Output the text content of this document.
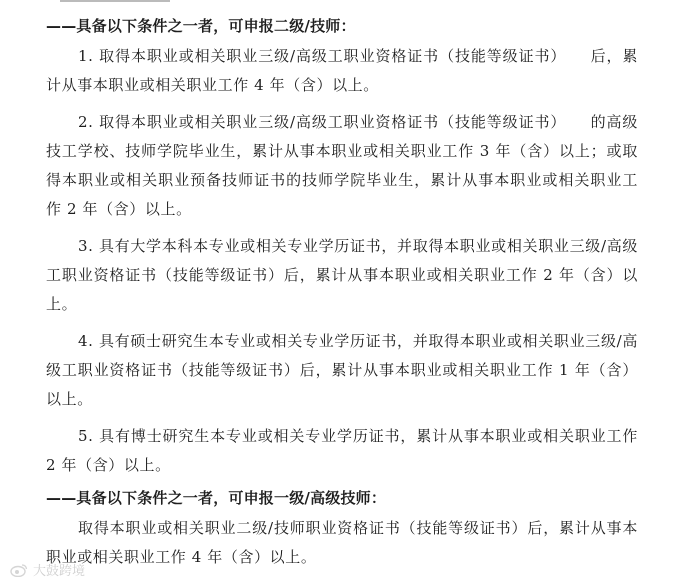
——具备以下条件之一者，可申报二级/技师：

1. 取得本职业或相关职业三级/高级工职业资格证书（技能等级证书）　　后，累计从事本职业或相关职业工作 4 年（含）以上。

2. 取得本职业或相关职业三级/高级工职业资格证书（技能等级证书）　　的高级技工学校、技师学院毕业生，累计从事本职业或相关职业工作 3 年（含）以上；或取得本职业或相关职业预备技师证书的技师学院毕业生，累计从事本职业或相关职业工作 2 年（含）以上。

3. 具有大学本科本专业或相关专业学历证书，并取得本职业或相关职业三级/高级工职业资格证书（技能等级证书）后，累计从事本职业或相关职业工作 2 年（含）以上。

4. 具有硕士研究生本专业或相关专业学历证书，并取得本职业或相关职业三级/高级工职业资格证书（技能等级证书）后，累计从事本职业或相关职业工作 1 年（含）以上。

5. 具有博士研究生本专业或相关专业学历证书，累计从事本职业或相关职业工作 2 年（含）以上。

——具备以下条件之一者，可申报一级/高级技师：

取得本职业或相关职业二级/技师职业资格证书（技能等级证书）后，累计从事本职业或相关职业工作 4 年（含）以上。

大鼓跨境
